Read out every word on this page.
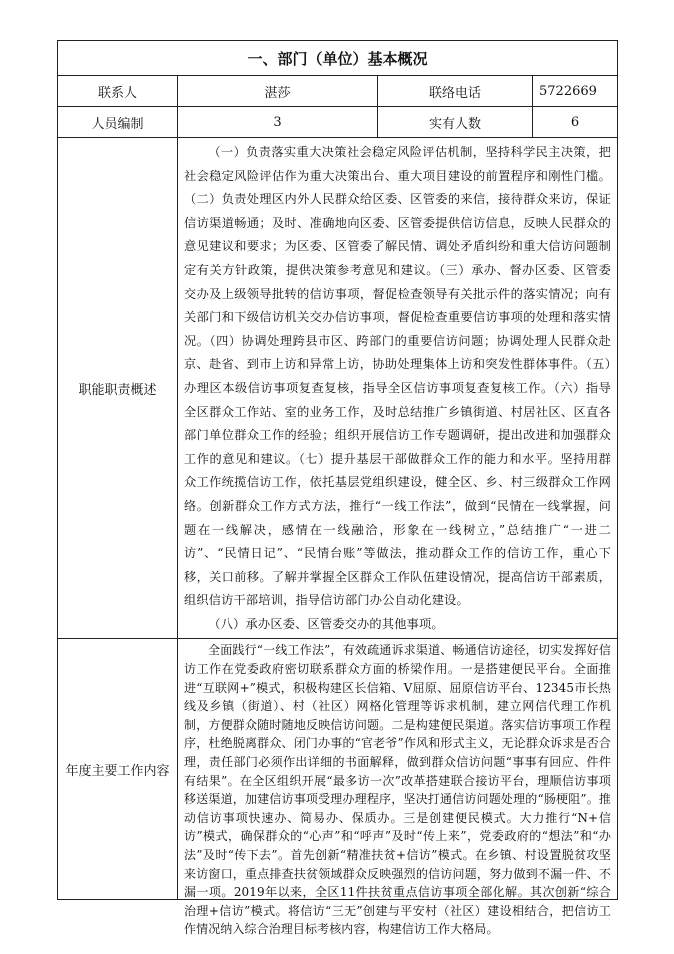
一、部门（单位）基本概况			
联系人	湛莎	联络电话	5722669
人员编制	3	实有人数	6
职能职责概述	（一）负责落实重大决策社会稳定风险评估机制，坚持科学民主决策，把社会稳定风险评估作为重大决策出台、重大项目建设的前置程序和刚性门槛。（二）负责处理区内外人民群众给区委、区管委的来信，接待群众来访，保证信访渠道畅通；及时、准确地向区委、区管委提供信访信息，反映人民群众的意见建议和要求；为区委、区管委了解民情、调处矛盾纠纷和重大信访问题制定有关方针政策，提供决策参考意见和建议。（三）承办、督办区委、区管委交办及上级领导批转的信访事项，督促检查领导有关批示件的落实情况；向有关部门和下级信访机关交办信访事项，督促检查重要信访事项的处理和落实情况。（四）协调处理跨县市区、跨部门的重要信访问题；协调处理人民群众赴京、赴省、到市上访和异常上访，协助处理集体上访和突发性群体事件。（五）办理区本级信访事项复查复核，指导全区信访事项复查复核工作。（六）指导全区群众工作站、室的业务工作，及时总结推广乡镇街道、村居社区、区直各部门单位群众工作的经验；组织开展信访工作专题调研，提出改进和加强群众工作的意见和建议。（七）提升基层干部做群众工作的能力和水平。坚持用群众工作统揽信访工作，依托基层党组织建设，健全区、乡、村三级群众工作网络。创新群众工作方式方法，推行“一线工作法”，做到“民情在一线掌握，问题在一线解决，感情在一线融洽，形象在一线树立，”总结推广“一进二访”、“民情日记”、“民情台账”等做法，推动群众工作的信访工作，重心下移，关口前移。了解并掌握全区群众工作队伍建设情况，提高信访干部素质，组织信访干部培训，指导信访部门办公自动化建设。

（八）承办区委、区管委交办的其他事项。		

年度主要工作内容	全面践行“一线工作法”，有效疏通诉求渠道、畅通信访途径，切实发挥好信访工作在党委政府密切联系群众方面的桥梁作用。一是搭建便民平台。全面推进“互联网+”模式，积极构建区长信箱、V屈原、屈原信访平台、12345市长热线及乡镇（街道）、村（社区）网格化管理等诉求机制，建立网信代理工作机制，方便群众随时随地反映信访问题。二是构建便民渠道。落实信访事项工作程序，杜绝脱离群众、闭门办事的“官老爷”作风和形式主义，无论群众诉求是否合理，责任部门必须作出详细的书面解释，做到群众信访问题“事事有回应、件件有结果”。在全区组织开展“最多访一次”改革搭建联合接访平台，理顺信访事项移送渠道，加建信访事项受理办理程序，坚决打通信访问题处理的“肠梗阻”。推动信访事项快速办、简易办、保质办。三是创建便民模式。大力推行“N+信访”模式，确保群众的“心声”和“呼声”及时“传上来”，党委政府的“想法”和“办法”及时“传下去”。首先创新“精准扶贫+信访”模式。在乡镇、村设置脱贫攻坚来访窗口，重点排查扶贫领域群众反映强烈的信访问题，努力做到不漏一件、不漏一项。2019年以来，全区11件扶贫重点信访事项全部化解。其次创新“综合治理+信访”模式。将信访“三无”创建与平安村（社区）建设相结合，把信访工作情况纳入综合治理目标考核内容，构建信访工作大格局。		
